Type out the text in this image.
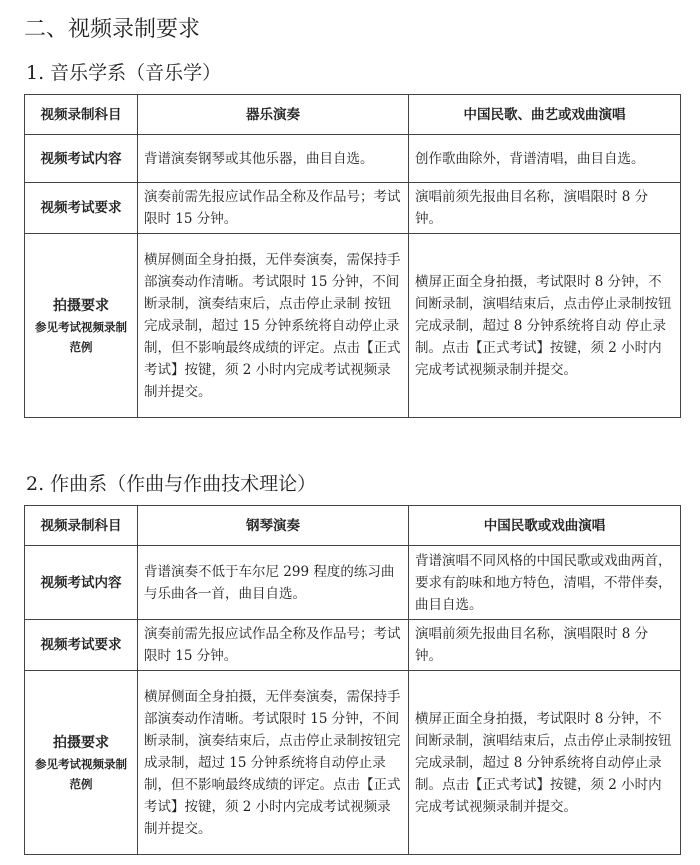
二、视频录制要求
1. 音乐学系（音乐学）
视频录制科目	器乐演奏	中国民歌、曲艺或戏曲演唱
视频考试内容	背谱演奏钢琴或其他乐器，曲目自选。	创作歌曲除外，背谱清唱，曲目自选。
视频考试要求	演奏前需先报应试作品全称及作品号；考试限时 15 分钟。	演唱前须先报曲目名称，演唱限时 8 分钟。

拍摄要求
参见考试视频录制范例	横屏侧面全身拍摄，无伴奏演奏，需保持手部演奏动作清晰。考试限时 15 分钟，不间断录制，演奏结束后，点击停止录制 按钮完成录制，超过 15 分钟系统将自动停止录制，但不影响最终成绩的评定。点击【正式考试】按键，须 2 小时内完成考试视频录制并提交。	横屏正面全身拍摄，考试限时 8 分钟，不间断录制，演唱结束后，点击停止录制按钮完成录制，超过 8 分钟系统将自动 停止录制。点击【正式考试】按键，须 2 小时内完成考试视频录制并提交。
2. 作曲系（作曲与作曲技术理论）
视频录制科目	钢琴演奏	中国民歌或戏曲演唱
视频考试内容	背谱演奏不低于车尔尼 299 程度的练习曲与乐曲各一首，曲目自选。	背谱演唱不同风格的中国民歌或戏曲两首，要求有韵味和地方特色，清唱，不带伴奏，曲目自选。
视频考试要求	演奏前需先报应试作品全称及作品号；考试限时 15 分钟。	演唱前须先报曲目名称，演唱限时 8 分钟。

拍摄要求
参见考试视频录制范例	横屏侧面全身拍摄，无伴奏演奏，需保持手部演奏动作清晰。考试限时 15 分钟，不间断录制，演奏结束后，点击停止录制按钮完成录制，超过 15 分钟系统将自动停止录制，但不影响最终成绩的评定。点击【正式考试】按键，须 2 小时内完成考试视频录制并提交。	横屏正面全身拍摄，考试限时 8 分钟，不间断录制，演唱结束后，点击停止录制按钮完成录制，超过 8 分钟系统将自动停止录制。点击【正式考试】按键，须 2 小时内完成考试视频录制并提交。
